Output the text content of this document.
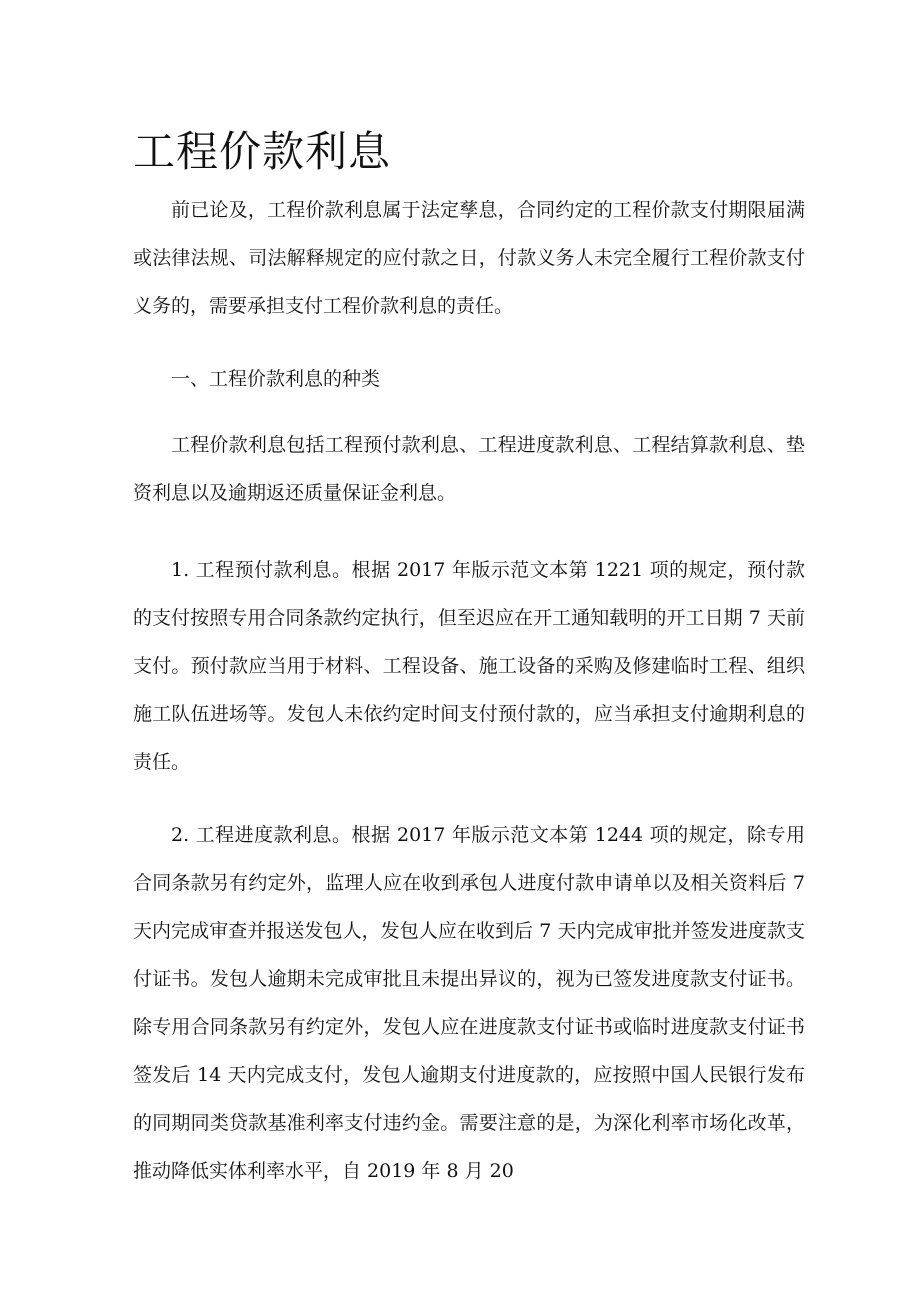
工程价款利息

前已论及，工程价款利息属于法定孳息，合同约定的工程价款支付期限届满或法律法规、司法解释规定的应付款之日，付款义务人未完全履行工程价款支付义务的，需要承担支付工程价款利息的责任。

一、工程价款利息的种类

工程价款利息包括工程预付款利息、工程进度款利息、工程结算款利息、垫资利息以及逾期返还质量保证金利息。

1. 工程预付款利息。根据 2017 年版示范文本第 1221 项的规定，预付款的支付按照专用合同条款约定执行，但至迟应在开工通知载明的开工日期 7 天前支付。预付款应当用于材料、工程设备、施工设备的采购及修建临时工程、组织施工队伍进场等。发包人未依约定时间支付预付款的，应当承担支付逾期利息的责任。

2. 工程进度款利息。根据 2017 年版示范文本第 1244 项的规定，除专用合同条款另有约定外，监理人应在收到承包人进度付款申请单以及相关资料后 7 天内完成审查并报送发包人，发包人应在收到后 7 天内完成审批并签发进度款支付证书。发包人逾期未完成审批且未提出异议的，视为已签发进度款支付证书。除专用合同条款另有约定外，发包人应在进度款支付证书或临时进度款支付证书签发后 14 天内完成支付，发包人逾期支付进度款的，应按照中国人民银行发布的同期同类贷款基准利率支付违约金。需要注意的是，为深化利率市场化改革，推动降低实体利率水平，自 2019 年 8 月 20
